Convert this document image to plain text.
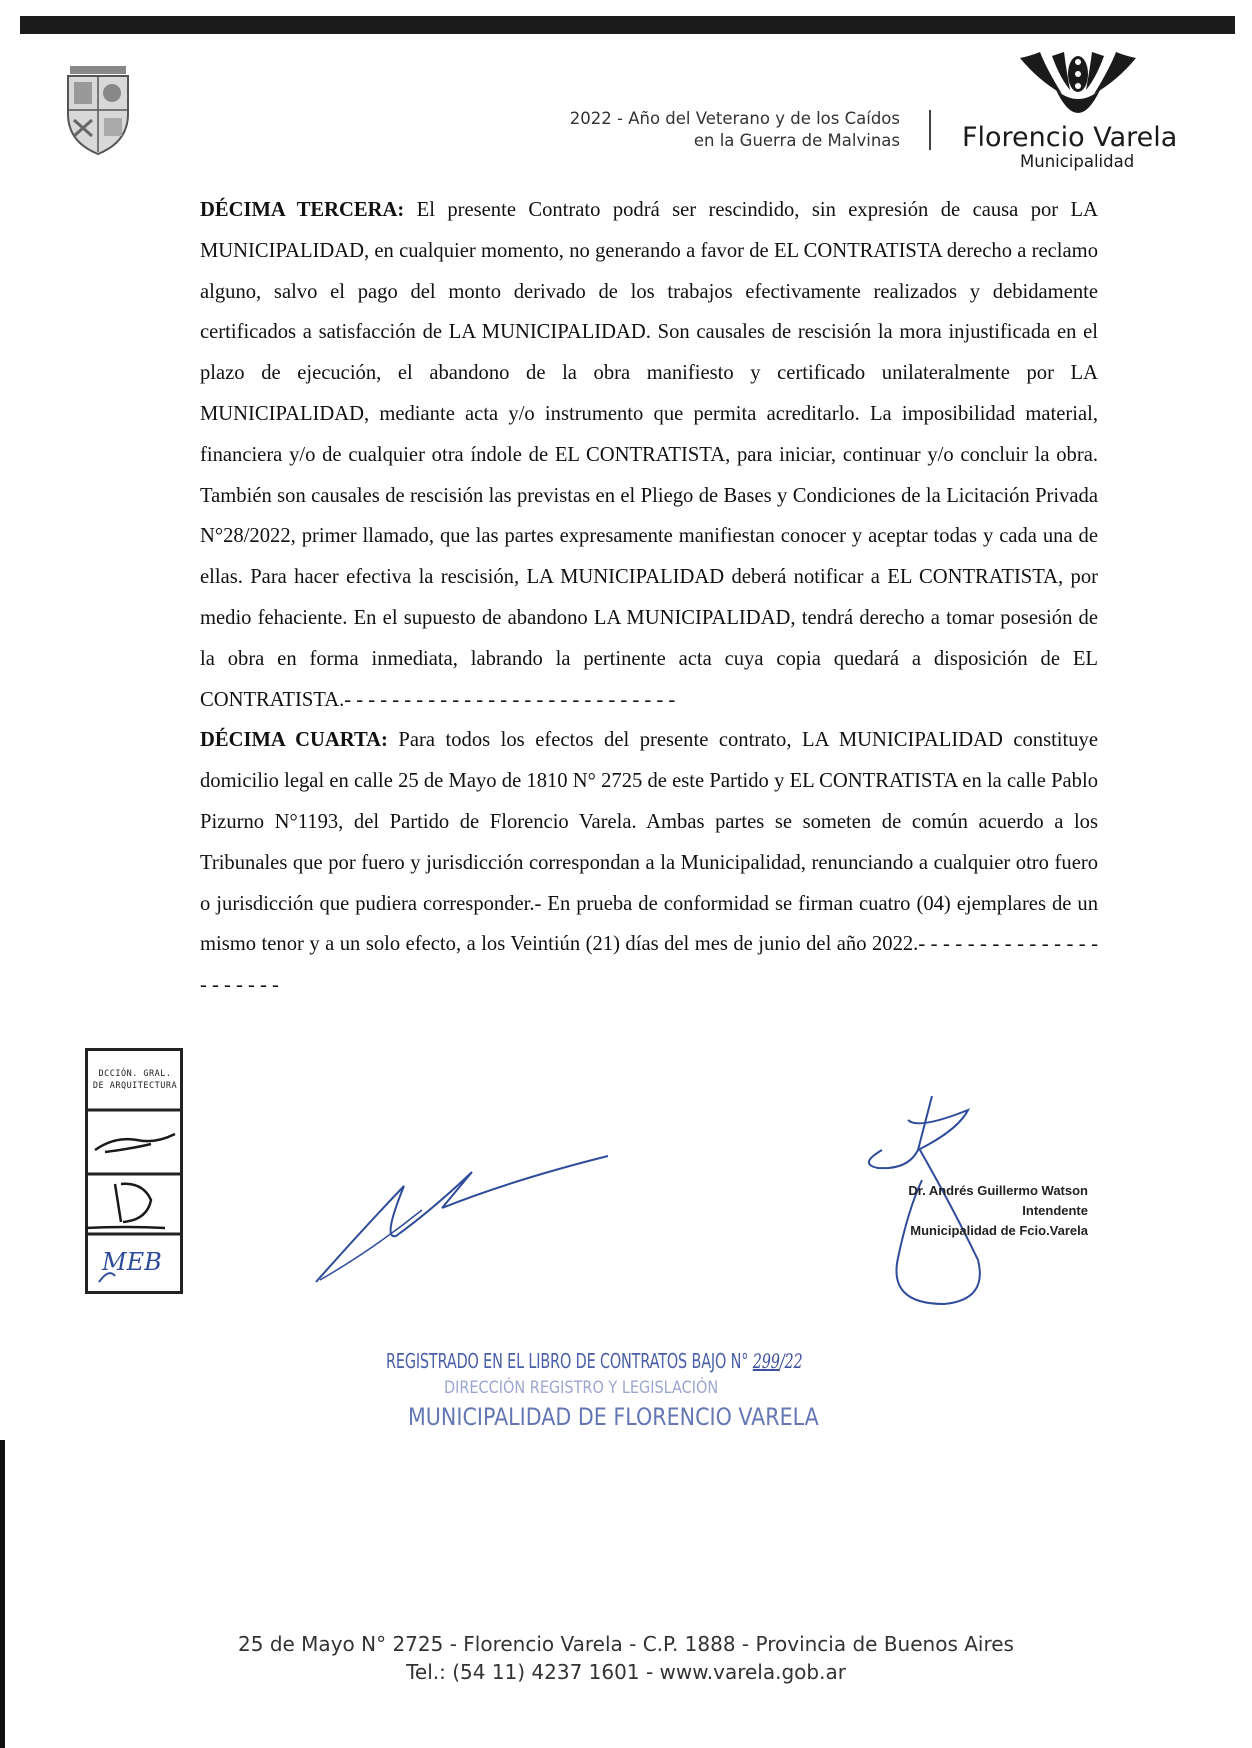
2022 - Año del Veterano y de los Caídos
en la Guerra de Malvinas Florencio Varela
Municipalidad

DÉCIMA TERCERA: El presente Contrato podrá ser rescindido, sin expresión de causa por LA MUNICIPALIDAD, en cualquier momento, no generando a favor de EL CONTRATISTA derecho a reclamo alguno, salvo el pago del monto derivado de los trabajos efectivamente realizados y debidamente certificados a satisfacción de LA MUNICIPALIDAD. Son causales de rescisión la mora injustificada en el plazo de ejecución, el abandono de la obra manifiesto y certificado unilateralmente por LA MUNICIPALIDAD, mediante acta y/o instrumento que permita acreditarlo. La imposibilidad material, financiera y/o de cualquier otra índole de EL CONTRATISTA, para iniciar, continuar y/o concluir la obra. También son causales de rescisión las previstas en el Pliego de Bases y Condiciones de la Licitación Privada N°28/2022, primer llamado, que las partes expresamente manifiestan conocer y aceptar todas y cada una de ellas. Para hacer efectiva la rescisión, LA MUNICIPALIDAD deberá notificar a EL CONTRATISTA, por medio fehaciente. En el supuesto de abandono LA MUNICIPALIDAD, tendrá derecho a tomar posesión de la obra en forma inmediata, labrando la pertinente acta cuya copia quedará a disposición de EL CONTRATISTA.- - - - - - - - - - - - - - - - - - - - - - - - - - - -

DÉCIMA CUARTA: Para todos los efectos del presente contrato, LA MUNICIPALIDAD constituye domicilio legal en calle 25 de Mayo de 1810 N° 2725 de este Partido y EL CONTRATISTA en la calle Pablo Pizurno N°1193, del Partido de Florencio Varela. Ambas partes se someten de común acuerdo a los Tribunales que por fuero y jurisdicción correspondan a la Municipalidad, renunciando a cualquier otro fuero o jurisdicción que pudiera corresponder.- En prueba de conformidad se firman cuatro (04) ejemplares de un mismo tenor y a un solo efecto, a los Veintiún (21) días del mes de junio del año 2022.- - - - - - - - - - - - - - - - - - - - - -

DCCIÓN. GRAL.
DE ARQUITECTURA
MEB
Dr. Andrés Guillermo Watson
Intendente
Municipalidad de Fcio.Varela
REGISTRADO EN EL LIBRO DE CONTRATOS BAJO N° 299/22
DIRECCIÓN REGISTRO Y LEGISLACIÓN
MUNICIPALIDAD DE FLORENCIO VARELA
25 de Mayo N° 2725 - Florencio Varela - C.P. 1888 - Provincia de Buenos Aires
Tel.: (54 11) 4237 1601 - www.varela.gob.ar
